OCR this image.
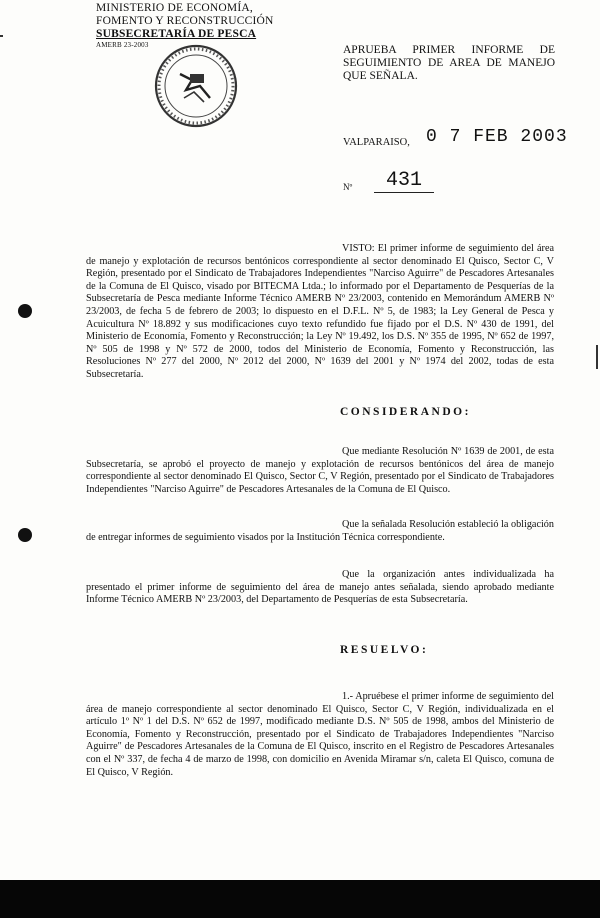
MINISTERIO DE ECONOMÍA,
FOMENTO Y RECONSTRUCCIÓN
SUBSECRETARÍA DE PESCA
AMERB 23-2003	APRUEBA PRIMER INFORME DE SEGUIMIENTO DE AREA DE MANEJO QUE SEÑALA.
VALPARAISO, 0 7 FEB 2003
Nº	431
VISTO: El primer informe de seguimiento del área de manejo y explotación de recursos bentónicos correspondiente al sector denominado El Quisco, Sector C, V Región, presentado por el Sindicato de Trabajadores Independientes "Narciso Aguirre" de Pescadores Artesanales de la Comuna de El Quisco, visado por BITECMA Ltda.; lo informado por el Departamento de Pesquerías de la Subsecretaría de Pesca mediante Informe Técnico AMERB Nº 23/2003, contenido en Memorándum AMERB Nº 23/2003, de fecha 5 de febrero de 2003; lo dispuesto en el D.F.L. Nº 5, de 1983; la Ley General de Pesca y Acuicultura Nº 18.892 y sus modificaciones cuyo texto refundido fue fijado por el D.S. Nº 430 de 1991, del Ministerio de Economía, Fomento y Reconstrucción; la Ley Nº 19.492, los D.S. Nº 355 de 1995, Nº 652 de 1997, Nº 505 de 1998 y Nº 572 de 2000, todos del Ministerio de Economía, Fomento y Reconstrucción, las Resoluciones Nº 277 del 2000, Nº 2012 del 2000, Nº 1639 del 2001 y Nº 1974 del 2002, todas de esta Subsecretaría.
CONSIDERANDO:
Que mediante Resolución Nº 1639 de 2001, de esta Subsecretaría, se aprobó el proyecto de manejo y explotación de recursos bentónicos del área de manejo correspondiente al sector denominado El Quisco, Sector C, V Región, presentado por el Sindicato de Trabajadores Independientes "Narciso Aguirre" de Pescadores Artesanales de la Comuna de El Quisco.
Que la señalada Resolución estableció la obligación de entregar informes de seguimiento visados por la Institución Técnica correspondiente.
Que la organización antes individualizada ha presentado el primer informe de seguimiento del área de manejo antes señalada, siendo aprobado mediante Informe Técnico AMERB Nº 23/2003, del Departamento de Pesquerías de esta Subsecretaría.
RESUELVO:
1.- Apruébese el primer informe de seguimiento del área de manejo correspondiente al sector denominado El Quisco, Sector C, V Región, individualizada en el artículo 1º Nº 1 del D.S. Nº 652 de 1997, modificado mediante D.S. Nº 505 de 1998, ambos del Ministerio de Economía, Fomento y Reconstrucción, presentado por el Sindicato de Trabajadores Independientes "Narciso Aguirre" de Pescadores Artesanales de la Comuna de El Quisco, inscrito en el Registro de Pescadores Artesanales con el Nº 337, de fecha 4 de marzo de 1998, con domicilio en Avenida Miramar s/n, caleta El Quisco, comuna de El Quisco, V Región.
